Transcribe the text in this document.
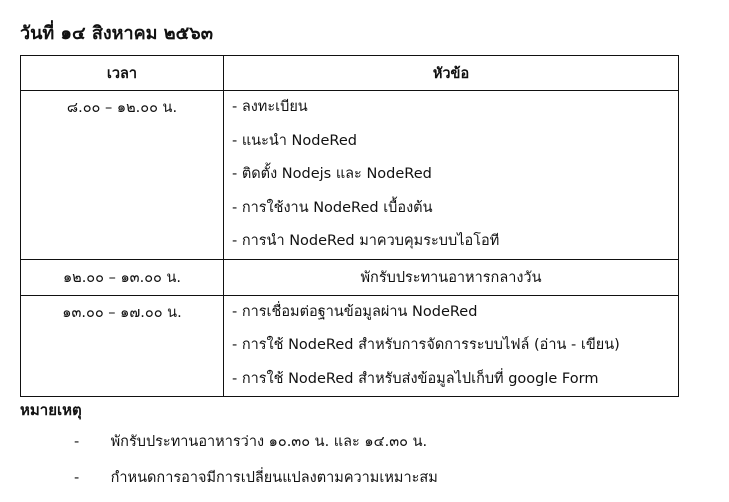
วันที่ ๑๔ สิงหาคม ๒๕๖๓
เวลา	หัวข้อ

๘.๐๐ – ๑๒.๐๐ น.	- ลงทะเบียน
- แนะนำ NodeRed
- ติดตั้ง Nodejs และ NodeRed
- การใช้งาน NodeRed เบื้องต้น
- การนำ NodeRed มาควบคุมระบบไอโอที

๑๒.๐๐ – ๑๓.๐๐ น.	พักรับประทานอาหารกลางวัน

๑๓.๐๐ – ๑๗.๐๐ น.	- การเชื่อมต่อฐานข้อมูลผ่าน NodeRed
- การใช้ NodeRed สำหรับการจัดการระบบไฟล์ (อ่าน - เขียน)
- การใช้ NodeRed สำหรับส่งข้อมูลไปเก็บที่ google Form
หมายเหตุ
- พักรับประทานอาหารว่าง ๑๐.๓๐ น. และ ๑๔.๓๐ น.
- กำหนดการอาจมีการเปลี่ยนแปลงตามความเหมาะสม
